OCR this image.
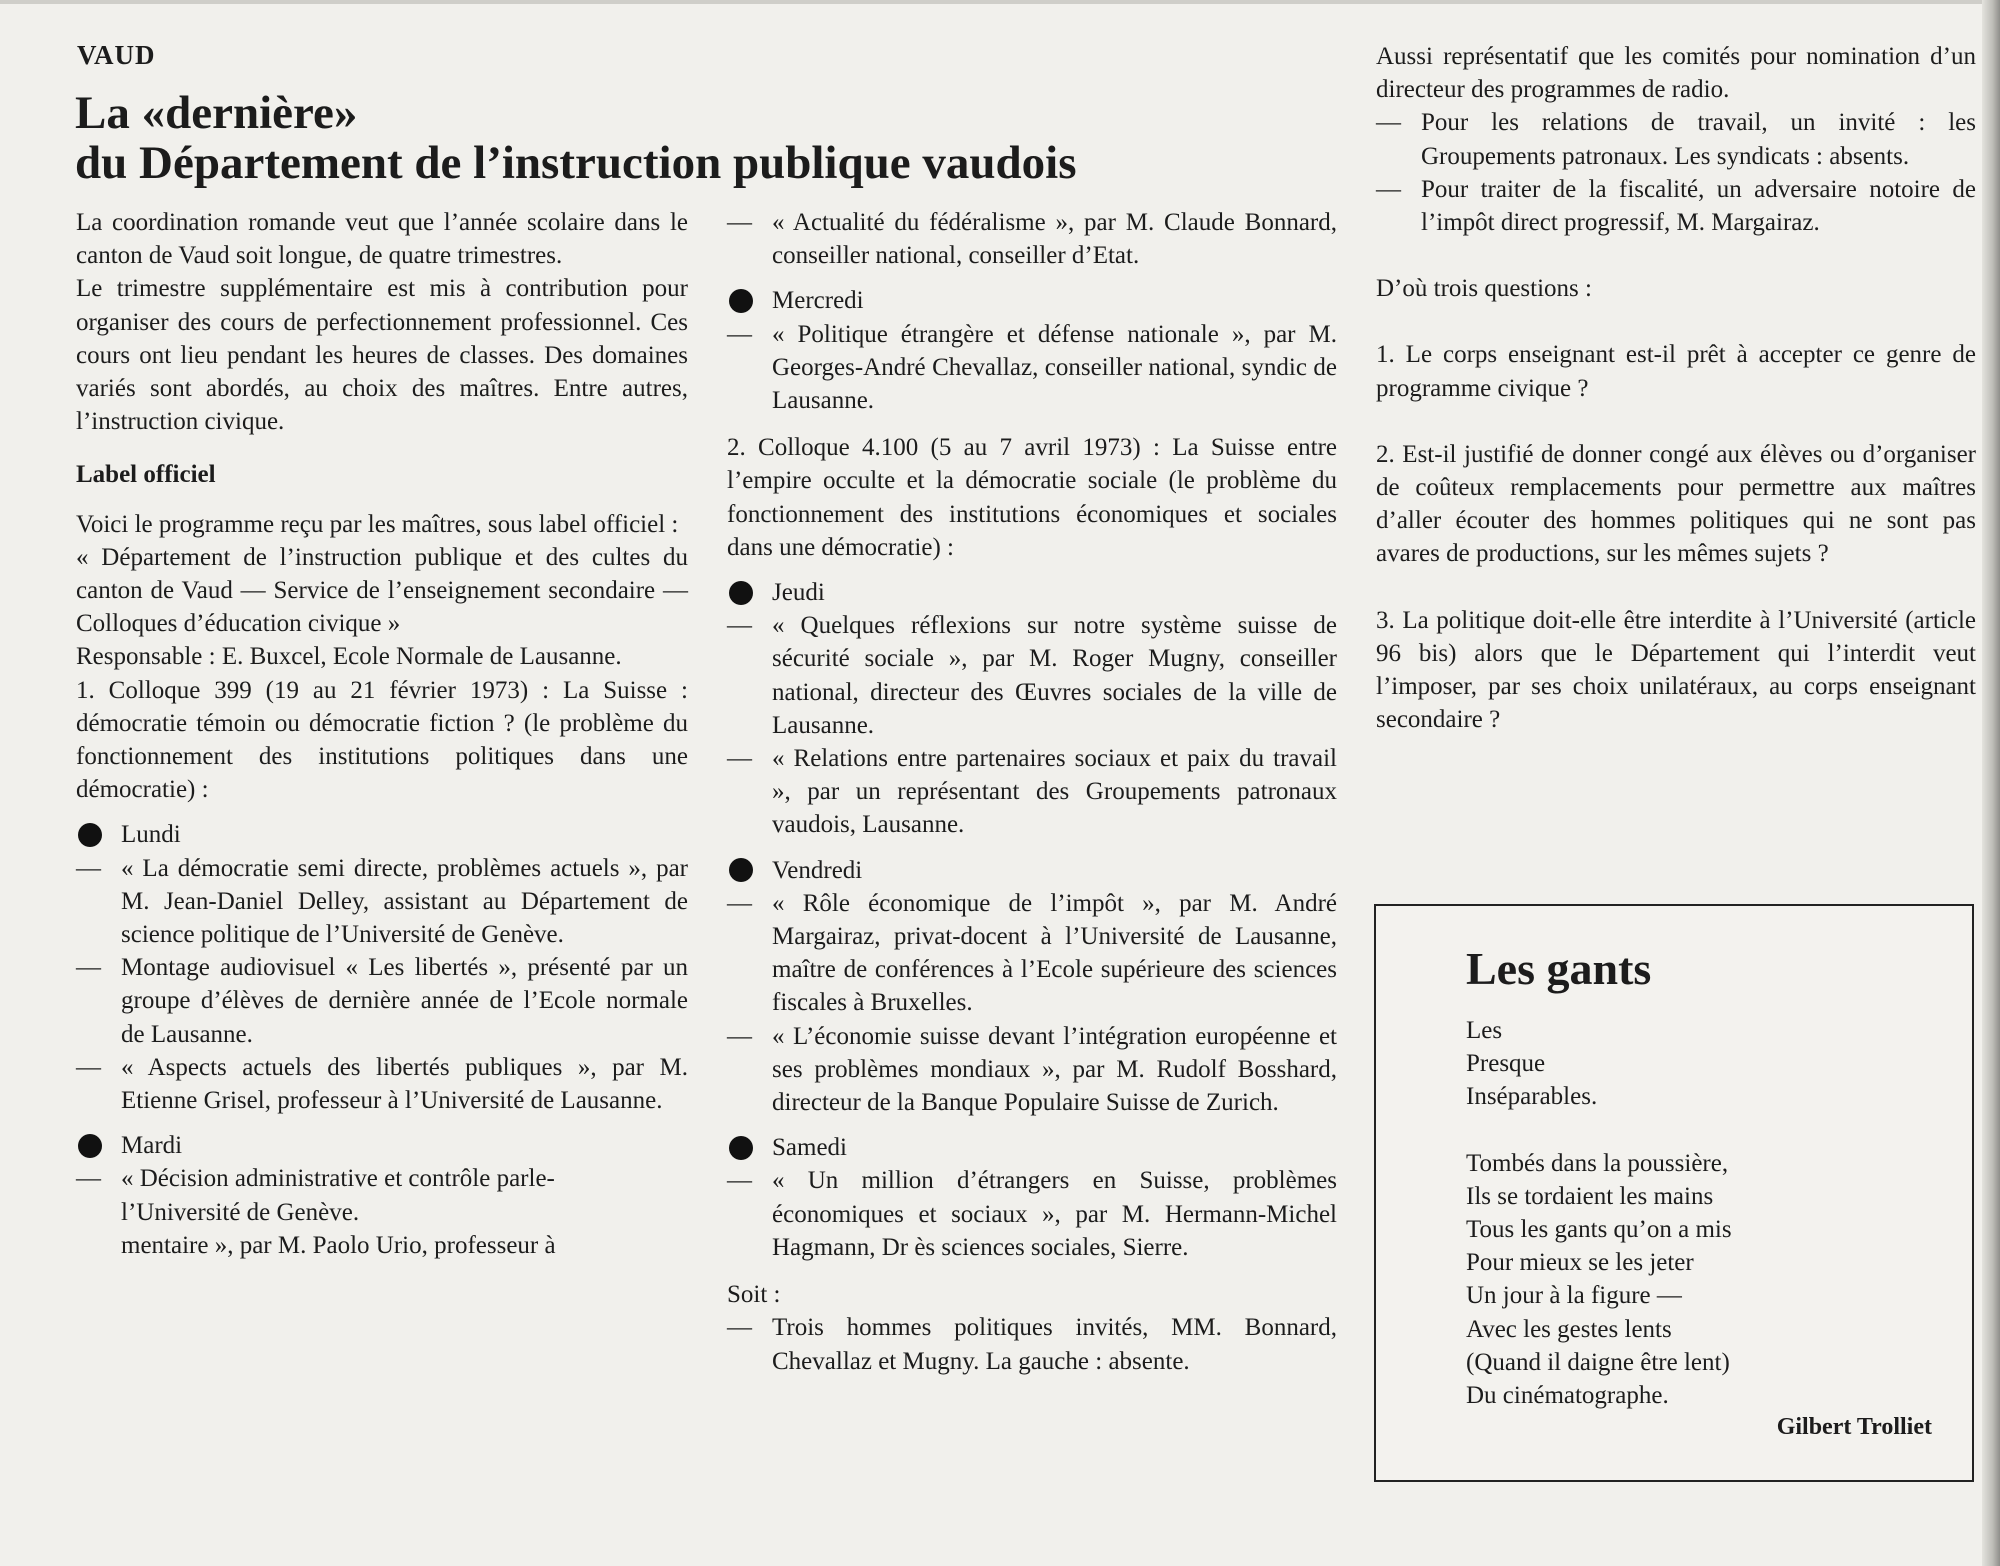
VAUD
La «dernière»
du Département de l’instruction publique vaudois

La coordination romande veut que l’année scolaire dans le canton de Vaud soit longue, de quatre trimestres.

Le trimestre supplémentaire est mis à contribution pour organiser des cours de perfectionnement professionnel. Ces cours ont lieu pendant les heures de classes. Des domaines variés sont abordés, au choix des maîtres. Entre autres, l’instruction civique.

Label officiel

Voici le programme reçu par les maîtres, sous label officiel :

« Département de l’instruction publique et des cultes du canton de Vaud — Service de l’enseignement secondaire — Colloques d’éducation civique »

Responsable : E. Buxcel, Ecole Normale de Lausanne.

1. Colloque 399 (19 au 21 février 1973) : La Suisse : démocratie témoin ou démocratie fiction ? (le problème du fonctionnement des institutions politiques dans une démocratie) :

Lundi

— « La démocratie semi directe, problèmes actuels », par M. Jean-Daniel Delley, assistant au Département de science politique de l’Université de Genève.

— Montage audiovisuel « Les libertés », présenté par un groupe d’élèves de dernière année de l’Ecole normale de Lausanne.

— « Aspects actuels des libertés publiques », par M. Etienne Grisel, professeur à l’Université de Lausanne.

Mardi

— « Décision administrative et contrôle parle-

l’Université de Genève.

mentaire », par M. Paolo Urio, professeur à

— « Actualité du fédéralisme », par M. Claude Bonnard, conseiller national, conseiller d’Etat.

Mercredi

— « Politique étrangère et défense nationale », par M. Georges-André Chevallaz, conseiller national, syndic de Lausanne.

2. Colloque 4.100 (5 au 7 avril 1973) : La Suisse entre l’empire occulte et la démocratie sociale (le problème du fonctionnement des institutions économiques et sociales dans une démocratie) :

Jeudi

— « Quelques réflexions sur notre système suisse de sécurité sociale », par M. Roger Mugny, conseiller national, directeur des Œuvres sociales de la ville de Lausanne.

— « Relations entre partenaires sociaux et paix du travail », par un représentant des Groupements patronaux vaudois, Lausanne.

Vendredi

— « Rôle économique de l’impôt », par M. André Margairaz, privat-docent à l’Université de Lausanne, maître de conférences à l’Ecole supérieure des sciences fiscales à Bruxelles.

— « L’économie suisse devant l’intégration européenne et ses problèmes mondiaux », par M. Rudolf Bosshard, directeur de la Banque Populaire Suisse de Zurich.

Samedi

— « Un million d’étrangers en Suisse, problèmes économiques et sociaux », par M. Hermann-Michel Hagmann, Dr ès sciences sociales, Sierre.

Soit :

— Trois hommes politiques invités, MM. Bonnard, Chevallaz et Mugny. La gauche : absente.

Aussi représentatif que les comités pour nomination d’un directeur des programmes de radio.

— Pour les relations de travail, un invité : les Groupements patronaux. Les syndicats : absents.

— Pour traiter de la fiscalité, un adversaire notoire de l’impôt direct progressif, M. Margairaz.

D’où trois questions :

1. Le corps enseignant est-il prêt à accepter ce genre de programme civique ?

2. Est-il justifié de donner congé aux élèves ou d’organiser de coûteux remplacements pour permettre aux maîtres d’aller écouter des hommes politiques qui ne sont pas avares de productions, sur les mêmes sujets ?

3. La politique doit-elle être interdite à l’Université (article 96 bis) alors que le Département qui l’interdit veut l’imposer, par ses choix unilatéraux, au corps enseignant secondaire ?

Les gants
Les
Presque
Inséparables.
Tombés dans la poussière,
Ils se tordaient les mains
Tous les gants qu’on a mis
Pour mieux se les jeter
Un jour à la figure —
Avec les gestes lents
(Quand il daigne être lent)
Du cinématographe.
Gilbert Trolliet
